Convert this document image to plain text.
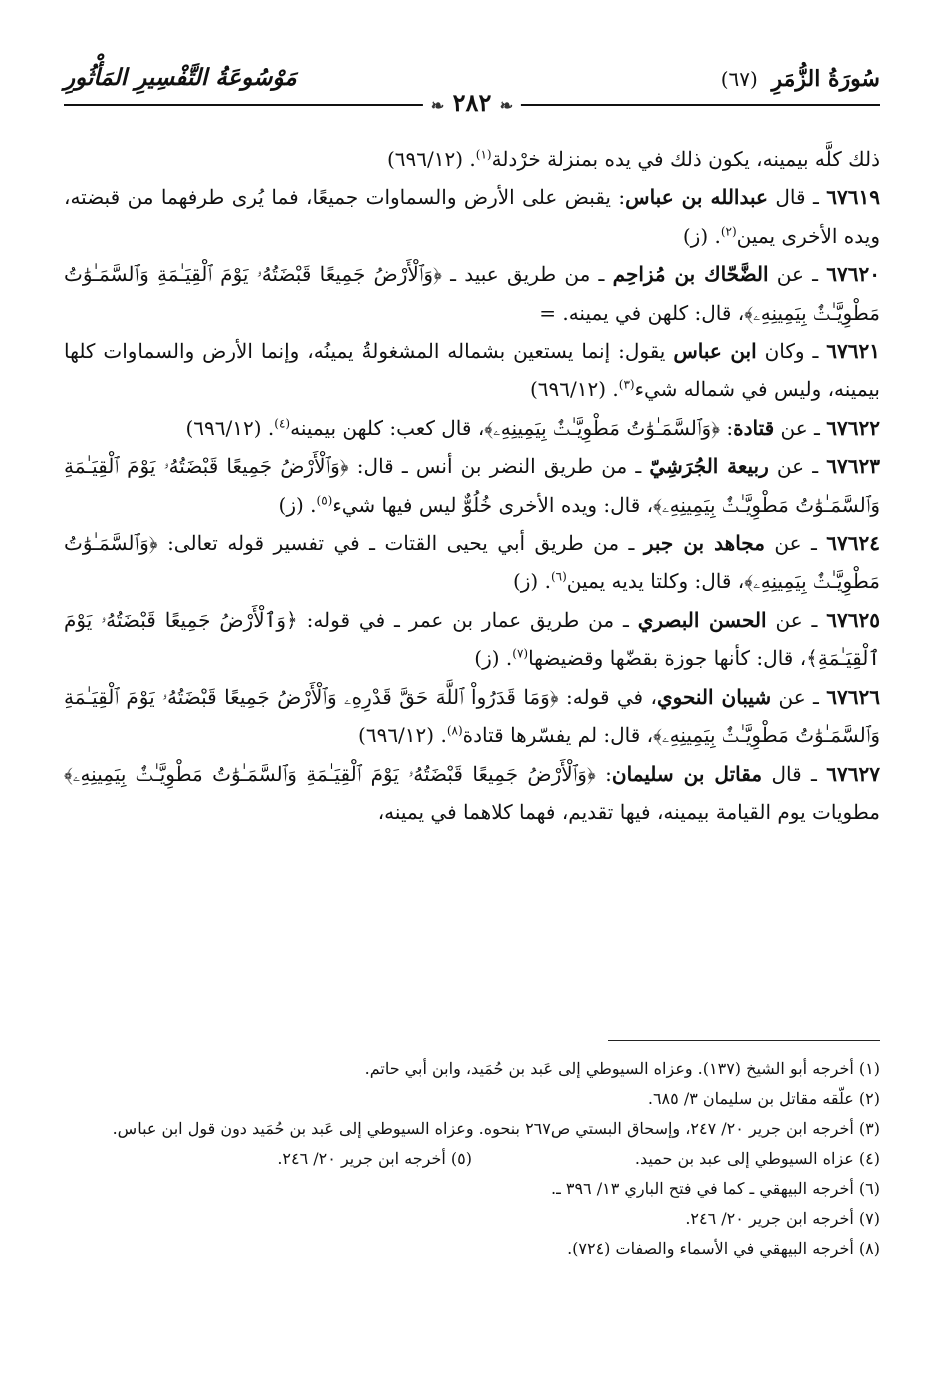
سُورَةُ الزُّمَرِ (٦٧)
مَوْسُوعَةُ التَّفْسِيرِ المَأْثُورِ
❧ ٢٨٢ ❧

ذلك كلَّه بيمينه، يكون ذلك في يده بمنزلة خرْدلة$^{(١)}$. (٦٩٦/١٢)

٦٧٦١٩ ـ قال عبدالله بن عباس: يقبض على الأرض والسماوات جميعًا، فما يُرى طرفهما من قبضته، ويده الأخرى يمين$^{(٢)}$. (ز)

٦٧٦٢٠ ـ عن الضَّحّاك بن مُزاحِم ـ من طريق عبيد ـ ﴿وَٱلْأَرْضُ جَمِيعًا قَبْضَتُهُۥ يَوْمَ ٱلْقِيَـٰمَةِ وَٱلسَّمَـٰوَٰتُ مَطْوِيَّـٰتٌۢ بِيَمِينِهِۦ﴾، قال: كلهن في يمينه. =

٦٧٦٢١ ـ وكان ابن عباس يقول: إنما يستعين بشماله المشغولةُ يمينُه، وإنما الأرض والسماوات كلها بيمينه، وليس في شماله شيء$^{(٣)}$. (٦٩٦/١٢)

٦٧٦٢٢ ـ عن قتادة: ﴿وَٱلسَّمَـٰوَٰتُ مَطْوِيَّـٰتٌۢ بِيَمِينِهِۦ﴾، قال كعب: كلهن بيمينه$^{(٤)}$. (٦٩٦/١٢)

٦٧٦٢٣ ـ عن ربيعة الجُرَشِيّ ـ من طريق النضر بن أنس ـ قال: ﴿وَٱلْأَرْضُ جَمِيعًا قَبْضَتُهُۥ يَوْمَ ٱلْقِيَـٰمَةِ وَٱلسَّمَـٰوَٰتُ مَطْوِيَّـٰتٌۢ بِيَمِينِهِۦ﴾، قال: ويده الأخرى خُلُوٌّ ليس فيها شيء$^{(٥)}$. (ز)

٦٧٦٢٤ ـ عن مجاهد بن جبر ـ من طريق أبي يحيى القتات ـ في تفسير قوله تعالى: ﴿وَٱلسَّمَـٰوَٰتُ مَطْوِيَّـٰتٌۢ بِيَمِينِهِۦ﴾، قال: وكلتا يديه يمين$^{(٦)}$. (ز)

٦٧٦٢٥ ـ عن الحسن البصري ـ من طريق عمار بن عمر ـ في قوله: ﴿وَٱلْأَرْضُ جَمِيعًا قَبْضَتُهُۥ يَوْمَ ٱلْقِيَـٰمَةِ﴾، قال: كأنها جوزة بقضّها وقضيضها$^{(٧)}$. (ز)

٦٧٦٢٦ ـ عن شيبان النحوي، في قوله: ﴿وَمَا قَدَرُواْ ٱللَّهَ حَقَّ قَدْرِهِۦ وَٱلْأَرْضُ جَمِيعًا قَبْضَتُهُۥ يَوْمَ ٱلْقِيَـٰمَةِ وَٱلسَّمَـٰوَٰتُ مَطْوِيَّـٰتٌۢ بِيَمِينِهِۦ﴾، قال: لم يفسّرها قتادة$^{(٨)}$. (٦٩٦/١٢)

٦٧٦٢٧ ـ قال مقاتل بن سليمان: ﴿وَٱلْأَرْضُ جَمِيعًا قَبْضَتُهُۥ يَوْمَ ٱلْقِيَـٰمَةِ وَٱلسَّمَـٰوَٰتُ مَطْوِيَّـٰتٌۢ بِيَمِينِهِۦ﴾ مطويات يوم القيامة بيمينه، فيها تقديم، فهما كلاهما في يمينه،

(١) أخرجه أبو الشيخ (١٣٧). وعزاه السيوطي إلى عَبد بن حُمَيد، وابن أبي حاتم.

(٢) علّقه مقاتل بن سليمان ٣/ ٦٨٥.

(٣) أخرجه ابن جرير ٢٠/ ٢٤٧، وإسحاق البستي ص٢٦٧ بنحوه. وعزاه السيوطي إلى عَبد بن حُمَيد دون قول ابن عباس.

(٤) عزاه السيوطي إلى عبد بن حميد.

(٥) أخرجه ابن جرير ٢٠/ ٢٤٦.

(٦) أخرجه البيهقي ـ كما في فتح الباري ١٣/ ٣٩٦ ـ.

(٧) أخرجه ابن جرير ٢٠/ ٢٤٦.

(٨) أخرجه البيهقي في الأسماء والصفات (٧٢٤).
